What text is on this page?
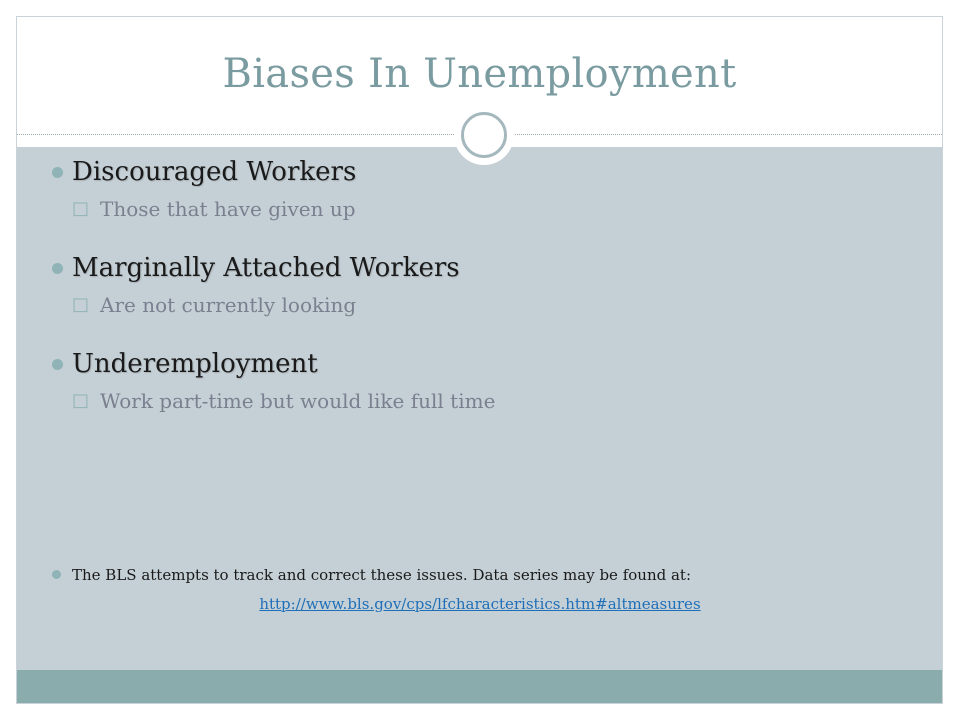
Biases In Unemployment
Discouraged Workers
□ Those that have given up
Marginally Attached Workers
□ Are not currently looking
Underemployment
□ Work part-time but would like full time
The BLS attempts to track and correct these issues. Data series may be found at:
http://www.bls.gov/cps/lfcharacteristics.htm#altmeasures
